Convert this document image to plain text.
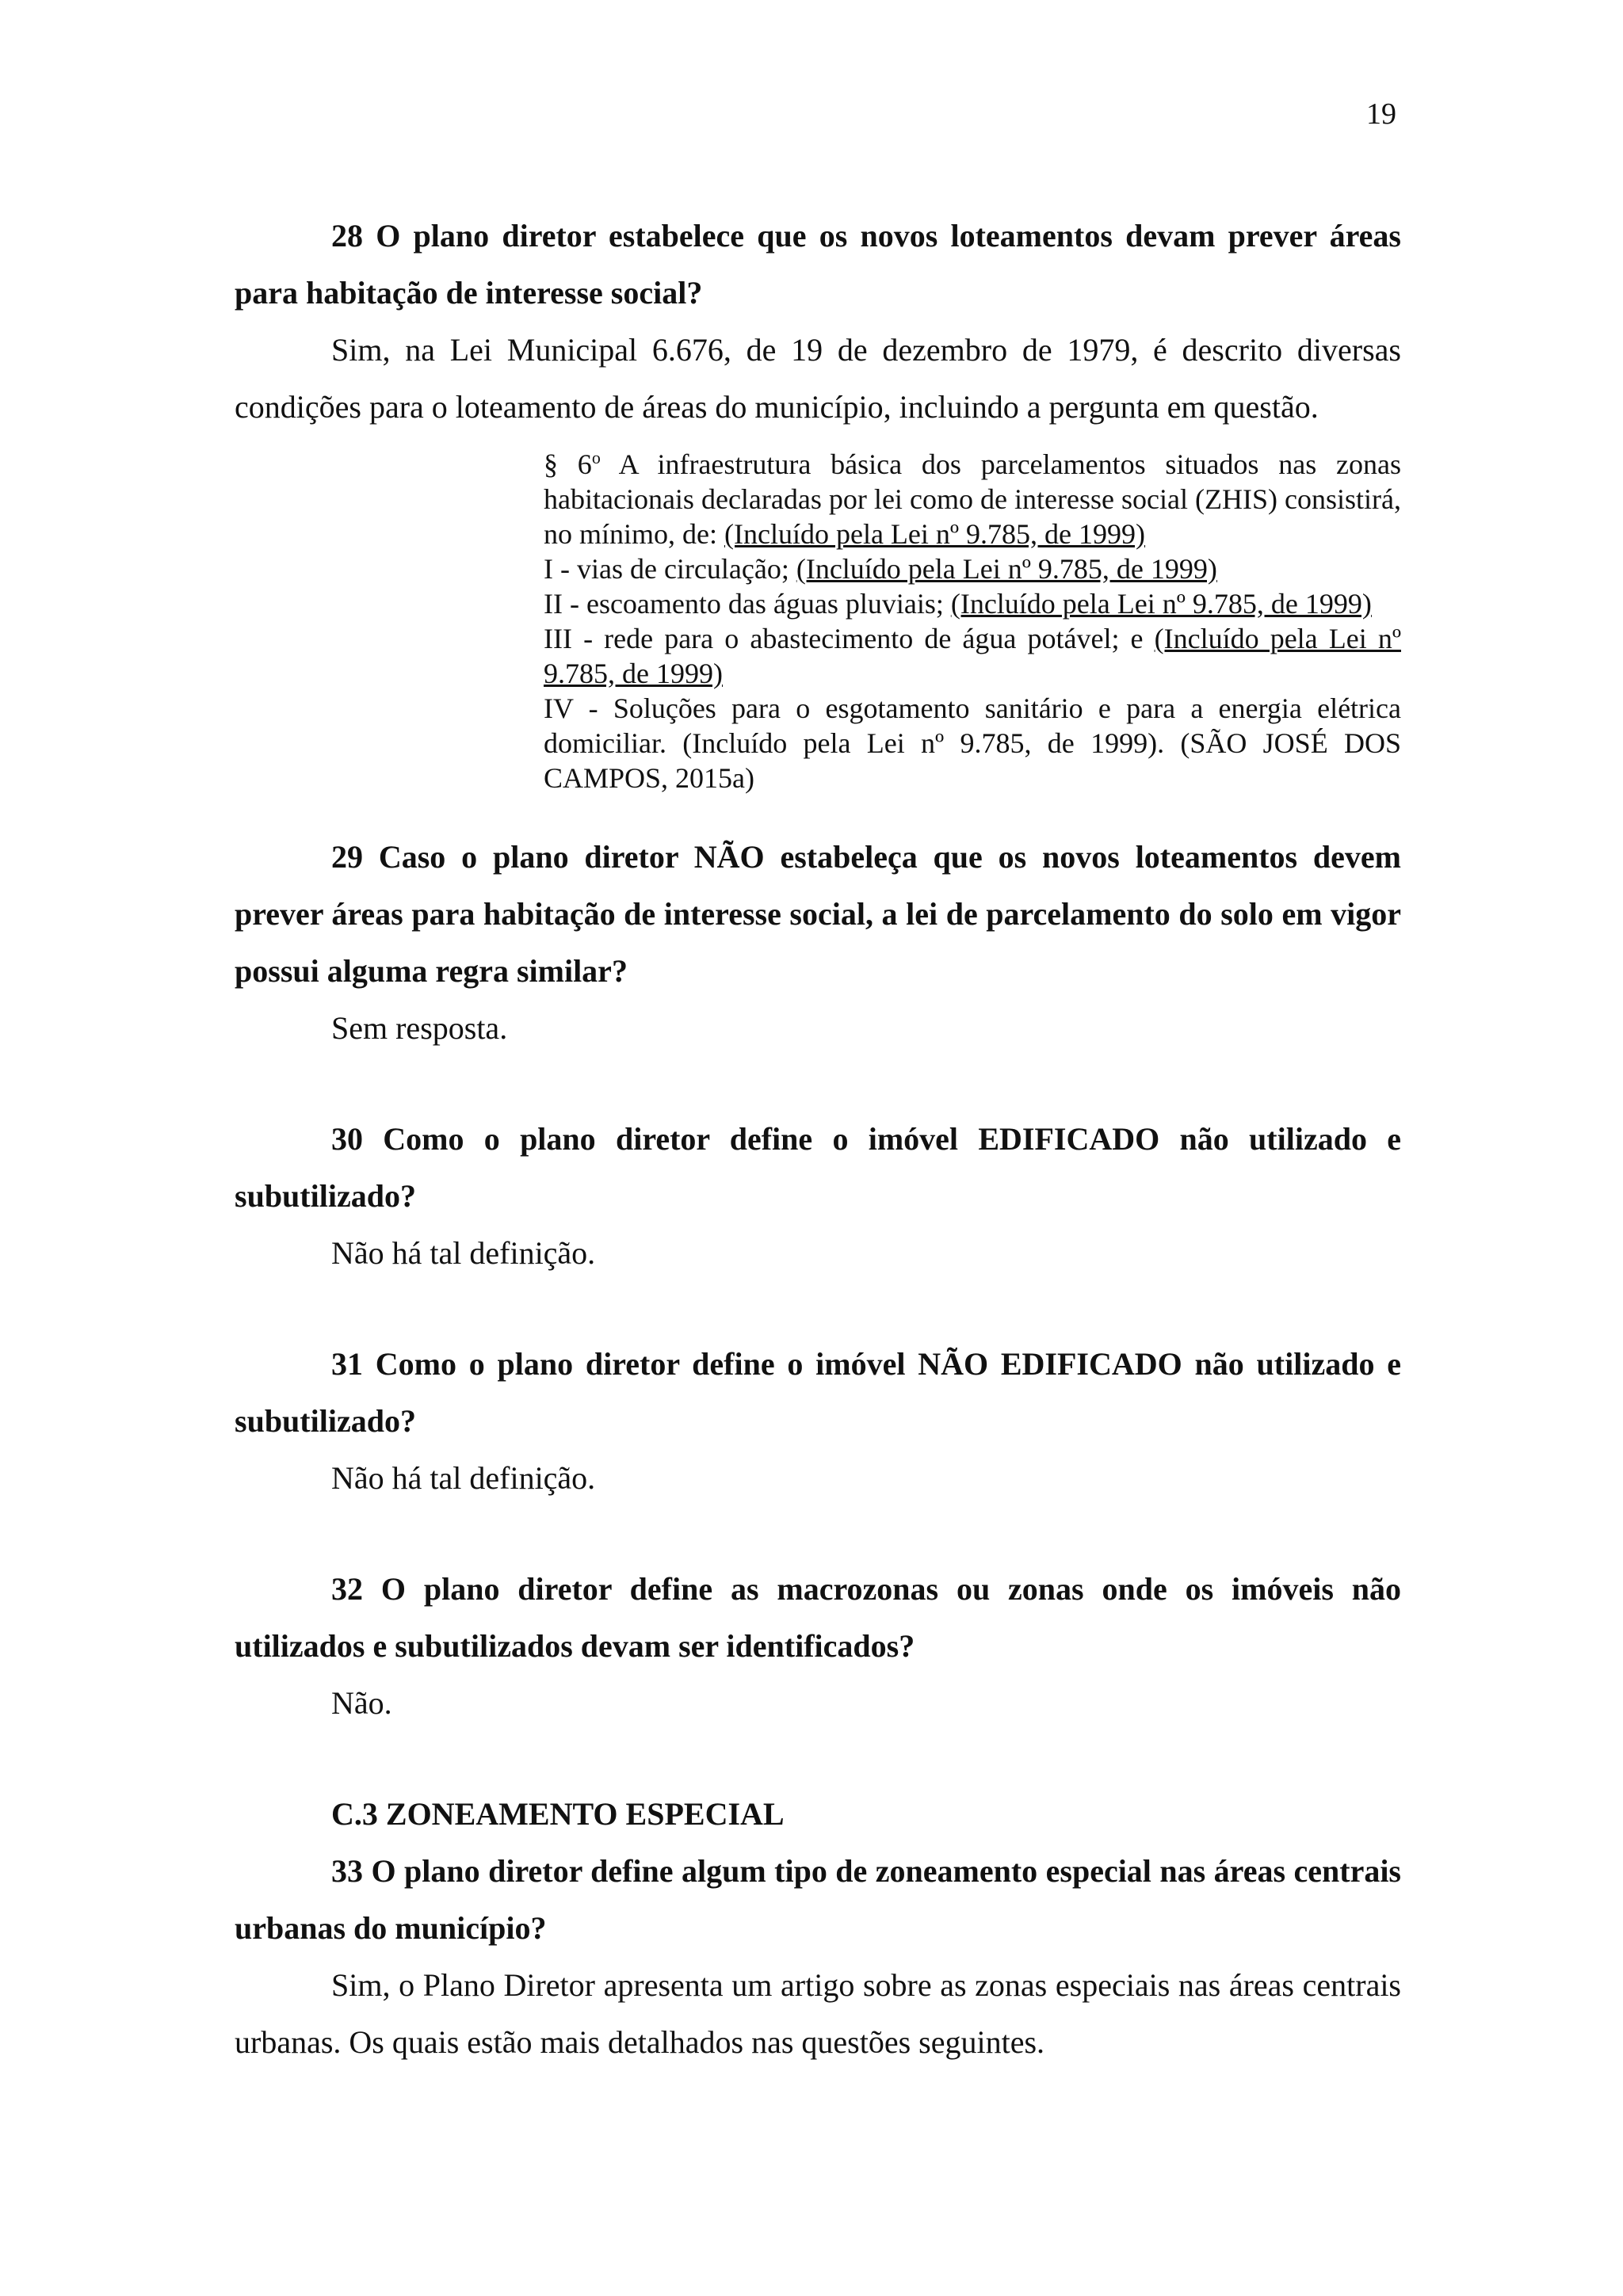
19

28 O plano diretor estabelece que os novos loteamentos devam prever áreas para habitação de interesse social?

Sim, na Lei Municipal 6.676, de 19 de dezembro de 1979, é descrito diversas condições para o loteamento de áreas do município, incluindo a pergunta em questão.

§ 6$^o$ A infraestrutura básica dos parcelamentos situados nas zonas habitacionais declaradas por lei como de interesse social (ZHIS) consistirá, no mínimo, de: (Incluído pela Lei nº 9.785, de 1999)

I - vias de circulação; (Incluído pela Lei nº 9.785, de 1999)

II - escoamento das águas pluviais; (Incluído pela Lei nº 9.785, de 1999)

III - rede para o abastecimento de água potável; e (Incluído pela Lei nº 9.785, de 1999)

IV - Soluções para o esgotamento sanitário e para a energia elétrica domiciliar. (Incluído pela Lei nº 9.785, de 1999). (SÃO JOSÉ DOS CAMPOS, 2015a)

29 Caso o plano diretor NÃO estabeleça que os novos loteamentos devem prever áreas para habitação de interesse social, a lei de parcelamento do solo em vigor possui alguma regra similar?

Sem resposta.

30 Como o plano diretor define o imóvel EDIFICADO não utilizado e subutilizado?

Não há tal definição.

31 Como o plano diretor define o imóvel NÃO EDIFICADO não utilizado e subutilizado?

Não há tal definição.

32 O plano diretor define as macrozonas ou zonas onde os imóveis não utilizados e subutilizados devam ser identificados?

Não.

C.3 ZONEAMENTO ESPECIAL

33 O plano diretor define algum tipo de zoneamento especial nas áreas centrais urbanas do município?

Sim, o Plano Diretor apresenta um artigo sobre as zonas especiais nas áreas centrais urbanas. Os quais estão mais detalhados nas questões seguintes.
